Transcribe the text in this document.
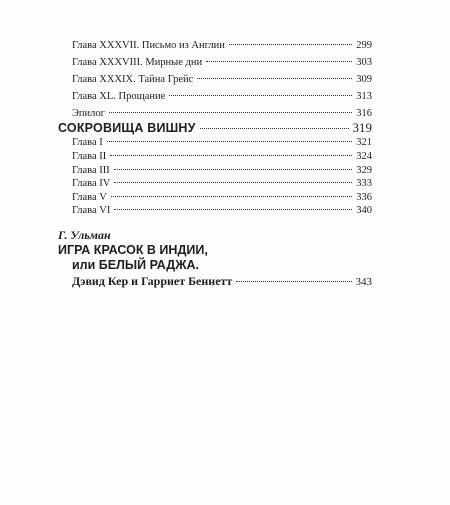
Глава XXXVII. Письмо из Англии	299
Глава XXXVIII. Мирные дни	303
Глава XXXIX. Тайна Грейс	309
Глава XL. Прощание	313
Эпилог	316
СОКРОВИЩА ВИШНУ	319
Глава I	321
Глава II	324
Глава III	329
Глава IV	333
Глава V	336
Глава VI	340
Г. Ульман
ИГРА КРАСОК В ИНДИИ,
или БЕЛЫЙ РАДЖА.
Дэвид Кер и Гарриет Беннетт	343
